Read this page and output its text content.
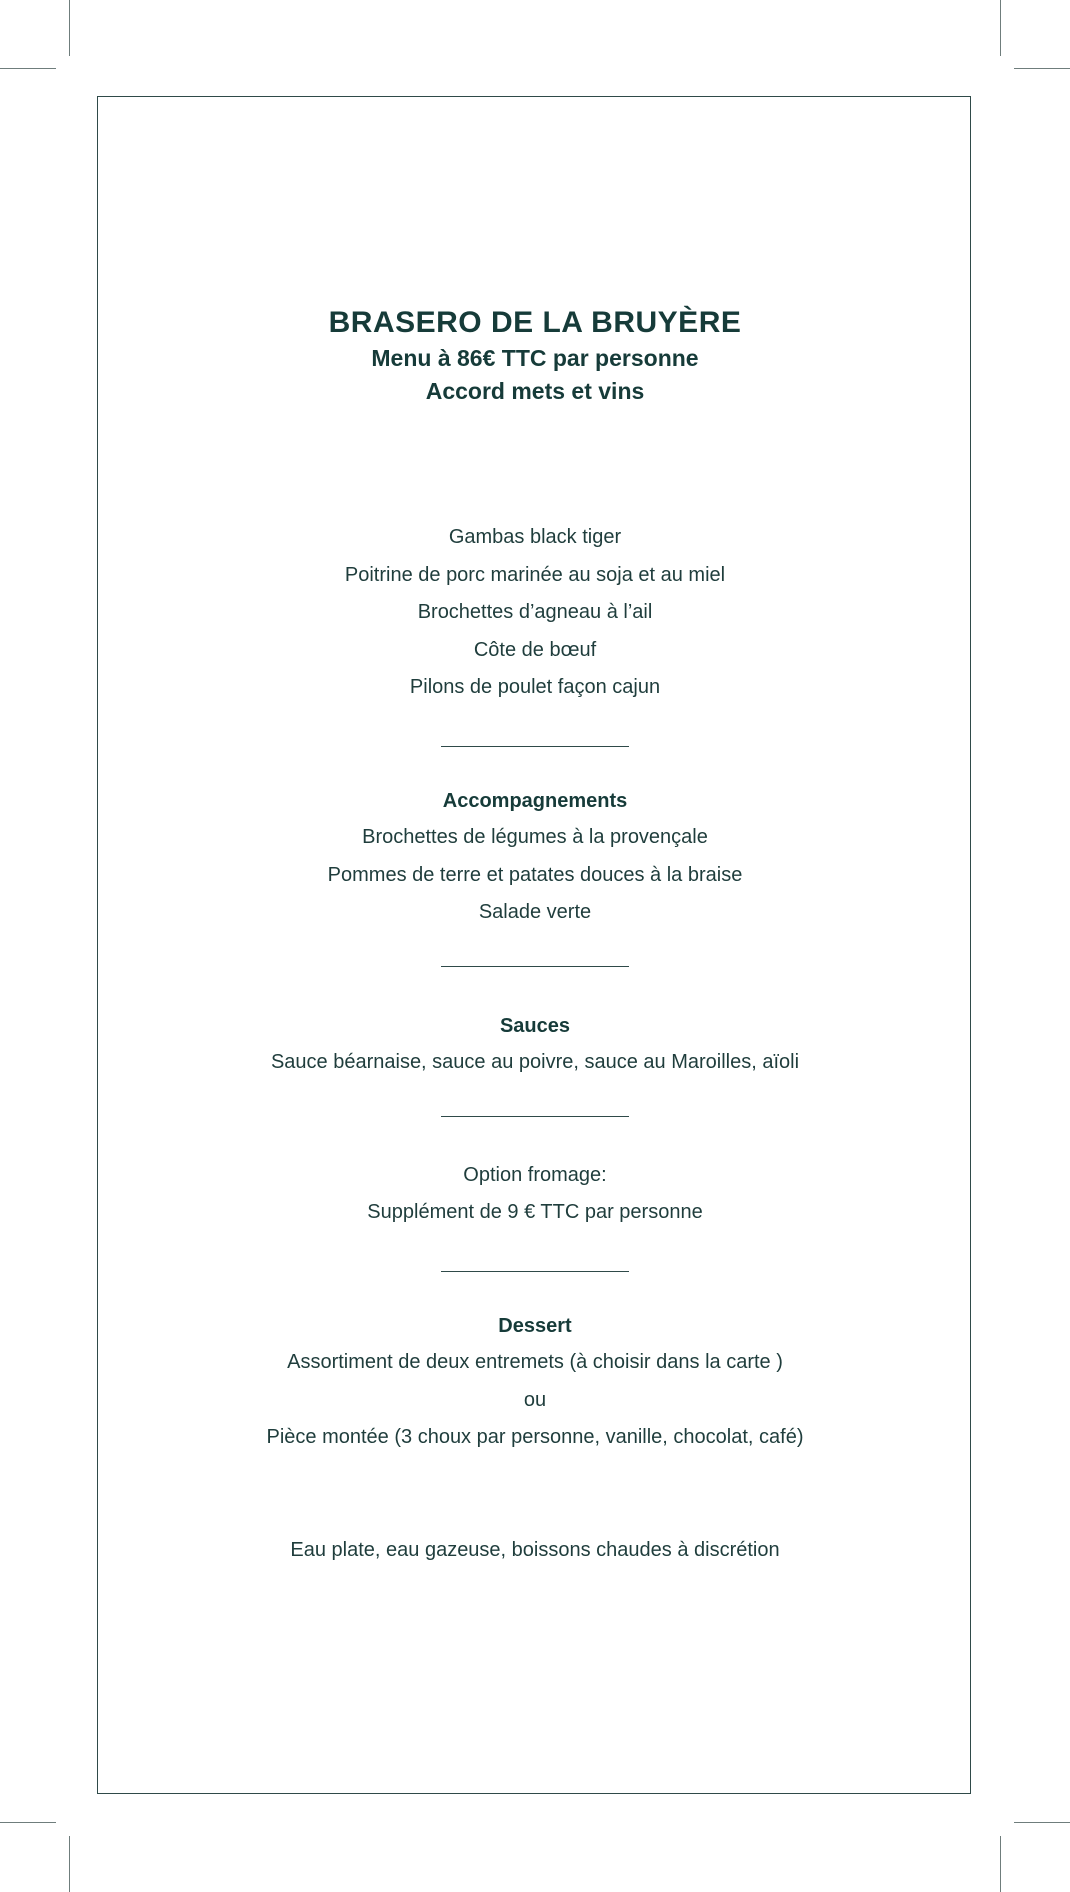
BRASERO DE LA BRUYÈRE
Menu à 86€ TTC par personne
Accord mets et vins
Gambas black tiger
Poitrine de porc marinée au soja et au miel
Brochettes d’agneau à l’ail
Côte de bœuf
Pilons de poulet façon cajun
Accompagnements
Brochettes de légumes à la provençale
Pommes de terre et patates douces à la braise
Salade verte
Sauces
Sauce béarnaise, sauce au poivre, sauce au Maroilles, aïoli
Option fromage:
Supplément de 9 € TTC par personne
Dessert
Assortiment de deux entremets (à choisir dans la carte )
ou
Pièce montée (3 choux par personne, vanille, chocolat, café)
Eau plate, eau gazeuse, boissons chaudes à discrétion
